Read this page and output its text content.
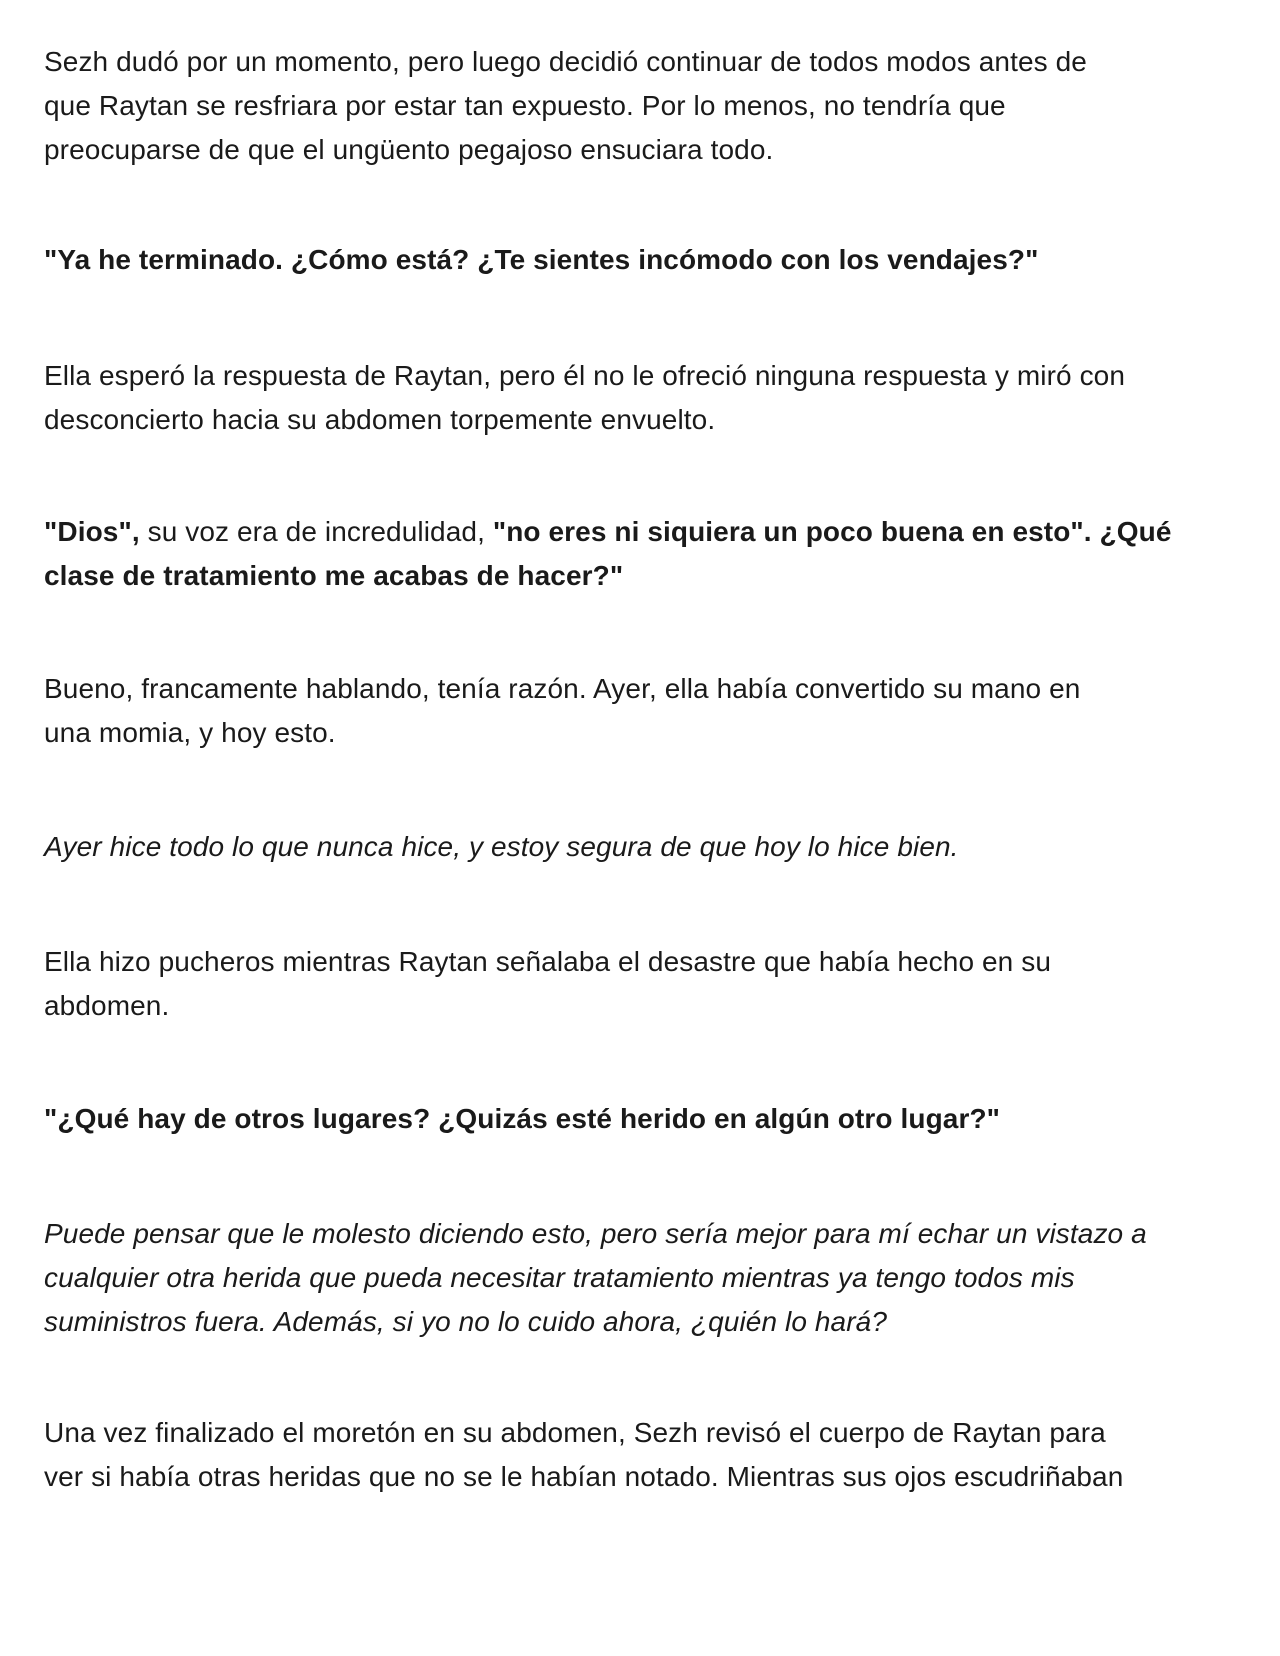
Sezh dudó por un momento, pero luego decidió continuar de todos modos antes de
que Raytan se resfriara por estar tan expuesto. Por lo menos, no tendría que
preocuparse de que el ungüento pegajoso ensuciara todo.

"Ya he terminado. ¿Cómo está? ¿Te sientes incómodo con los vendajes?"

Ella esperó la respuesta de Raytan, pero él no le ofreció ninguna respuesta y miró con
desconcierto hacia su abdomen torpemente envuelto.

"Dios", su voz era de incredulidad, "no eres ni siquiera un poco buena en esto". ¿Qué
clase de tratamiento me acabas de hacer?"

Bueno, francamente hablando, tenía razón. Ayer, ella había convertido su mano en
una momia, y hoy esto.

Ayer hice todo lo que nunca hice, y estoy segura de que hoy lo hice bien.

Ella hizo pucheros mientras Raytan señalaba el desastre que había hecho en su
abdomen.

"¿Qué hay de otros lugares? ¿Quizás esté herido en algún otro lugar?"

Puede pensar que le molesto diciendo esto, pero sería mejor para mí echar un vistazo a
cualquier otra herida que pueda necesitar tratamiento mientras ya tengo todos mis
suministros fuera. Además, si yo no lo cuido ahora, ¿quién lo hará?

Una vez finalizado el moretón en su abdomen, Sezh revisó el cuerpo de Raytan para
ver si había otras heridas que no se le habían notado. Mientras sus ojos escudriñaban
